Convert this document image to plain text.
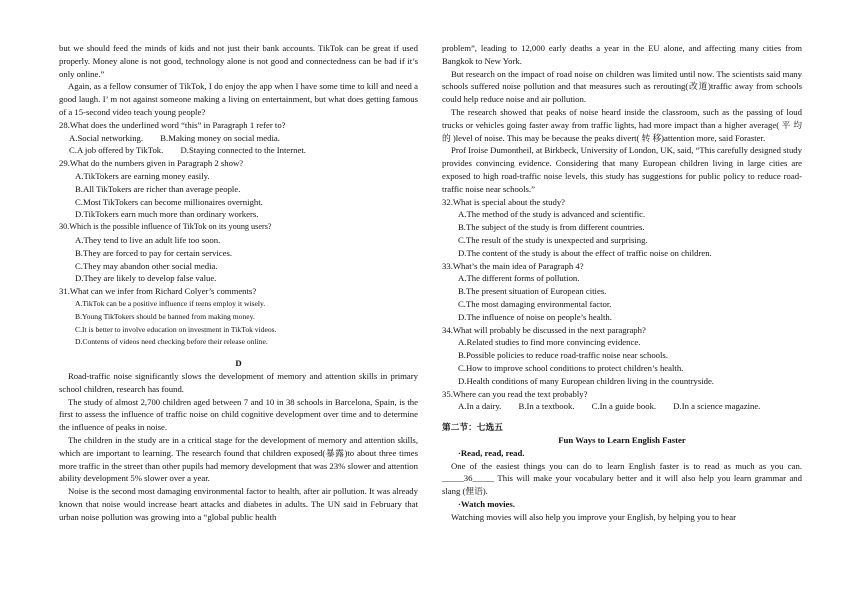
but we should feed the minds of kids and not just their bank accounts. TikTok can be great if used properly. Money alone is not good, technology alone is not good and connectedness can be bad if it’s only online.”
Again, as a fellow consumer of TikTok, I do enjoy the app when I have some time to kill and need a good laugh. I’ m not against someone making a living on entertainment, but what does getting famous of a 15-second video teach young people?
28.What does the underlined word “this” in Paragraph 1 refer to?
A.Social networking. B.Making money on social media.
C.A job offered by TikTok. D.Staying connected to the Internet.
29.What do the numbers given in Paragraph 2 show?
A.TikTokers are earning money easily.
B.All TikTokers are richer than average people.
C.Most TikTokers can become millionaires overnight.
D.TikTokers earn much more than ordinary workers.
30.Which is the possible influence of TikTok on its young users?
A.They tend to live an adult life too soon.
B.They are forced to pay for certain services.
C.They may abandon other social media.
D.They are likely to develop false value.
31.What can we infer from Richard Colyer’s comments?
A.TikTok can be a positive influence if teens employ it wisely.
B.Young TikTokers should be banned from making money.
C.It is better to involve education on investment in TikTok videos.
D.Contents of videos need checking before their release online.
D
Road-traffic noise significantly slows the development of memory and attention skills in primary school children, research has found.
The study of almost 2,700 children aged between 7 and 10 in 38 schools in Barcelona, Spain, is the first to assess the influence of traffic noise on child cognitive development over time and to determine the influence of peaks in noise.
The children in the study are in a critical stage for the development of memory and attention skills, which are important to learning. The research found that children exposed(暴露)to about three times more traffic in the street than other pupils had memory development that was 23% slower and attention ability development 5% slower over a year.
Noise is the second most damaging environmental factor to health, after air pollution. It was already known that noise would increase heart attacks and diabetes in adults. The UN said in February that urban noise pollution was growing into a “global public health
problem”, leading to 12,000 early deaths a year in the EU alone, and affecting many cities from Bangkok to New York.
But research on the impact of road noise on children was limited until now. The scientists said many schools suffered noise pollution and that measures such as rerouting(改道)traffic away from schools could help reduce noise and air pollution.
The research showed that peaks of noise heard inside the classroom, such as the passing of loud trucks or vehicles going faster away from traffic lights, had more impact than a higher average( 平 均 的 )level of noise. This may be because the peaks divert( 转 移)attention more, said Foraster.
Prof Iroise Dumontheil, at Birkbeck, University of London, UK, said, “This carefully designed study provides convincing evidence. Considering that many European children living in large cities are exposed to high road-traffic noise levels, this study has suggestions for public policy to reduce road-traffic noise near schools.”
32.What is special about the study?
A.The method of the study is advanced and scientific.
B.The subject of the study is from different countries.
C.The result of the study is unexpected and surprising.
D.The content of the study is about the effect of traffic noise on children.
33.What’s the main idea of Paragraph 4?
A.The different forms of pollution.
B.The present situation of European cities.
C.The most damaging environmental factor.
D.The influence of noise on people’s health.
34.What will probably be discussed in the next paragraph?
A.Related studies to find more convincing evidence.
B.Possible policies to reduce road-traffic noise near schools.
C.How to improve school conditions to protect children’s health.
D.Health conditions of many European children living in the countryside.
35.Where can you read the text probably?
A.In a dairy. B.In a textbook. C.In a guide book. D.In a science magazine.
第二节：七选五
Fun Ways to Learn English Faster
·Read, read, read.
One of the easiest things you can do to learn English faster is to read as much as you can. _____36_____ This will make your vocabulary better and it will also help you learn grammar and slang (俚语).
·Watch movies.
Watching movies will also help you improve your English, by helping you to hear
